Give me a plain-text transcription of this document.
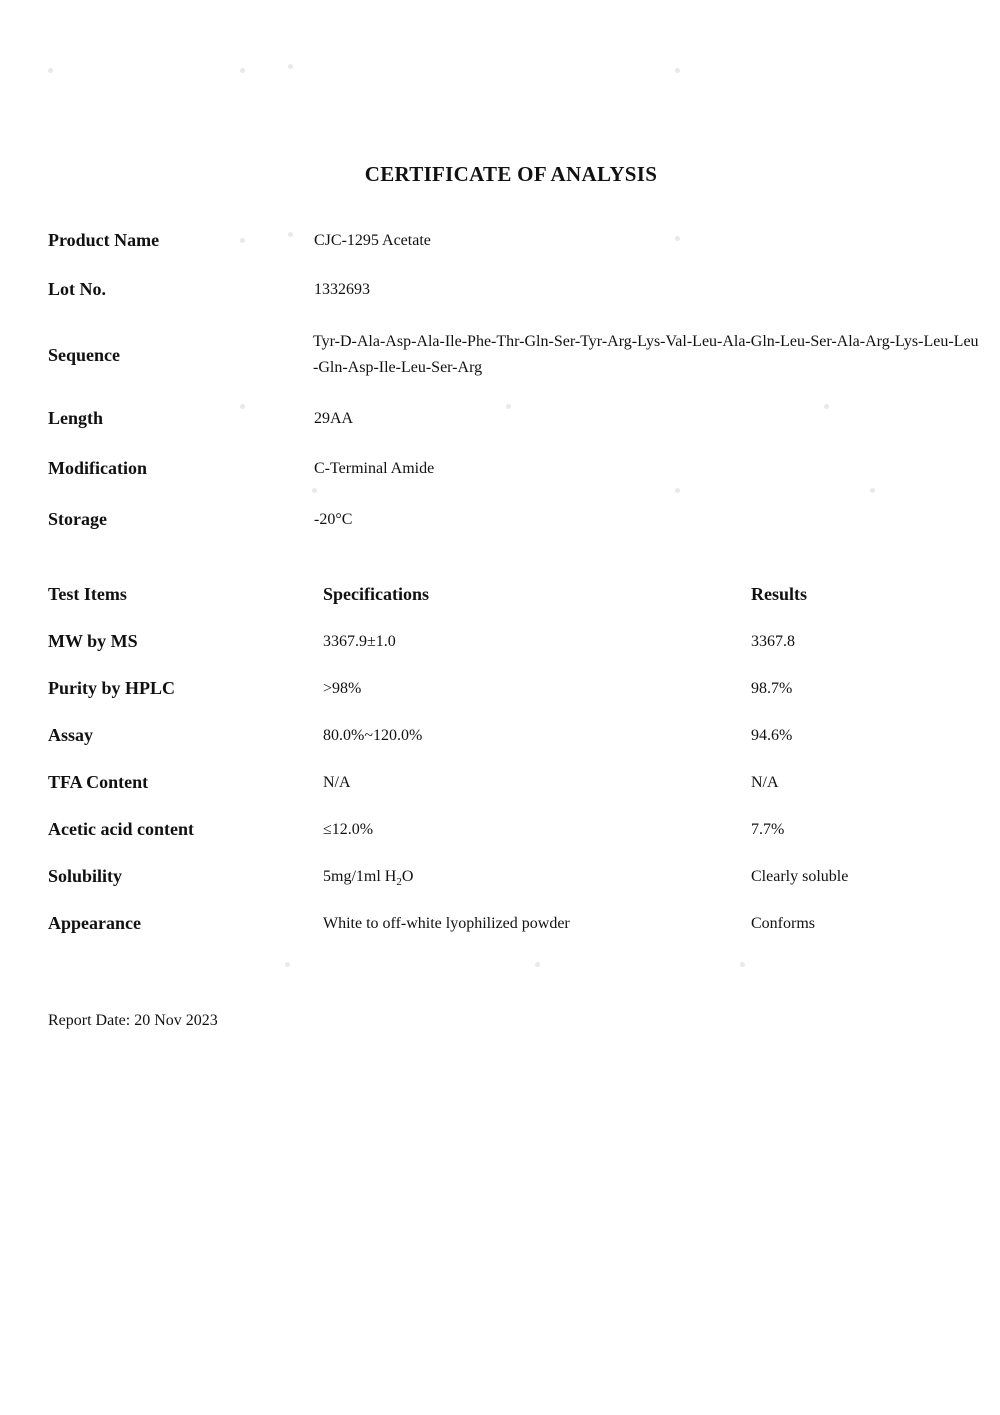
CERTIFICATE OF ANALYSIS
Product Name	CJC-1295 Acetate
Lot No.	1332693
Sequence
Tyr-D-Ala-Asp-Ala-Ile-Phe-Thr-Gln-Ser-Tyr-Arg-Lys-Val-Leu-Ala-Gln-Leu-Ser-Ala-Arg-Lys-Leu-Leu-Gln-Asp-Ile-Leu-Ser-Arg
Length	29AA
Modification	C-Terminal Amide
Storage	-20°C
Test Items	Specifications	Results
MW by MS	3367.9±1.0	3367.8
Purity by HPLC	>98%	98.7%
Assay	80.0%~120.0%	94.6%
TFA Content	N/A	N/A
Acetic acid content	≤12.0%	7.7%
Solubility	5mg/1ml $H_2O$	Clearly soluble
Appearance	White to off-white lyophilized powder	Conforms
Report Date: 20 Nov 2023
